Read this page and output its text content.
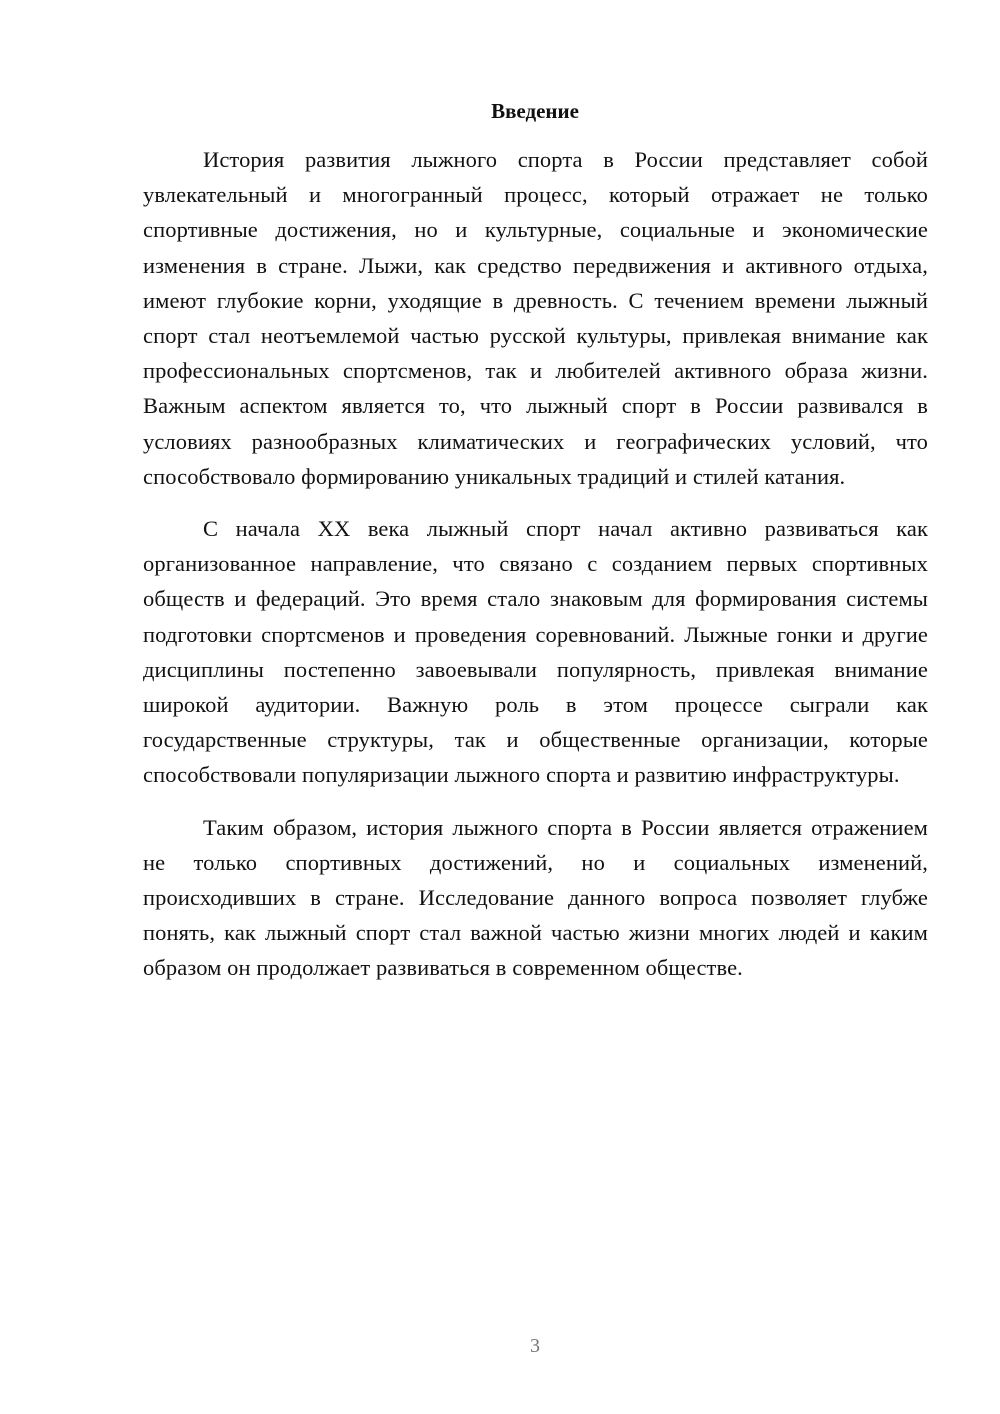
Введение

История развития лыжного спорта в России представляет собой увлекательный и многогранный процесс, который отражает не только спортивные достижения, но и культурные, социальные и экономические изменения в стране. Лыжи, как средство передвижения и активного отдыха, имеют глубокие корни, уходящие в древность. С течением времени лыжный спорт стал неотъемлемой частью русской культуры, привлекая внимание как профессиональных спортсменов, так и любителей активного образа жизни. Важным аспектом является то, что лыжный спорт в России развивался в условиях разнообразных климатических и географических условий, что способствовало формированию уникальных традиций и стилей катания.

С начала XX века лыжный спорт начал активно развиваться как организованное направление, что связано с созданием первых спортивных обществ и федераций. Это время стало знаковым для формирования системы подготовки спортсменов и проведения соревнований. Лыжные гонки и другие дисциплины постепенно завоевывали популярность, привлекая внимание широкой аудитории. Важную роль в этом процессе сыграли как государственные структуры, так и общественные организации, которые способствовали популяризации лыжного спорта и развитию инфраструктуры.

Таким образом, история лыжного спорта в России является отражением не только спортивных достижений, но и социальных изменений, происходивших в стране. Исследование данного вопроса позволяет глубже понять, как лыжный спорт стал важной частью жизни многих людей и каким образом он продолжает развиваться в современном обществе.

3
